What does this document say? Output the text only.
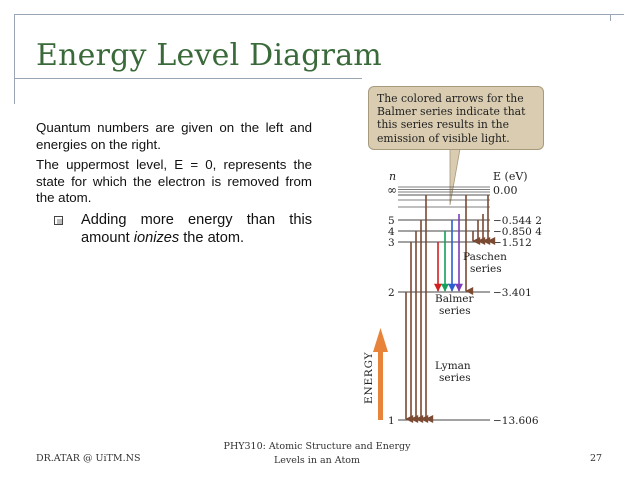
Energy Level Diagram

Quantum numbers are given on the left and energies on the right.

The uppermost level, E = 0, represents the state for which the electron is removed from the atom.

Adding more energy than this amount ionizes the atom.
n	E (eV)
∞	0.00
1	−13.606
2	−3.401
3	−1.512
4	−0.850 4
5	−0.544 2
ENERGY
Paschen
series
Balmer
series
Lyman
series
The colored arrows for the Balmer series indicate that this series results in the emission of visible light.
DR.ATAR @ UiTM.NS
PHY310: Atomic Structure and Energy
Levels in an Atom	27
